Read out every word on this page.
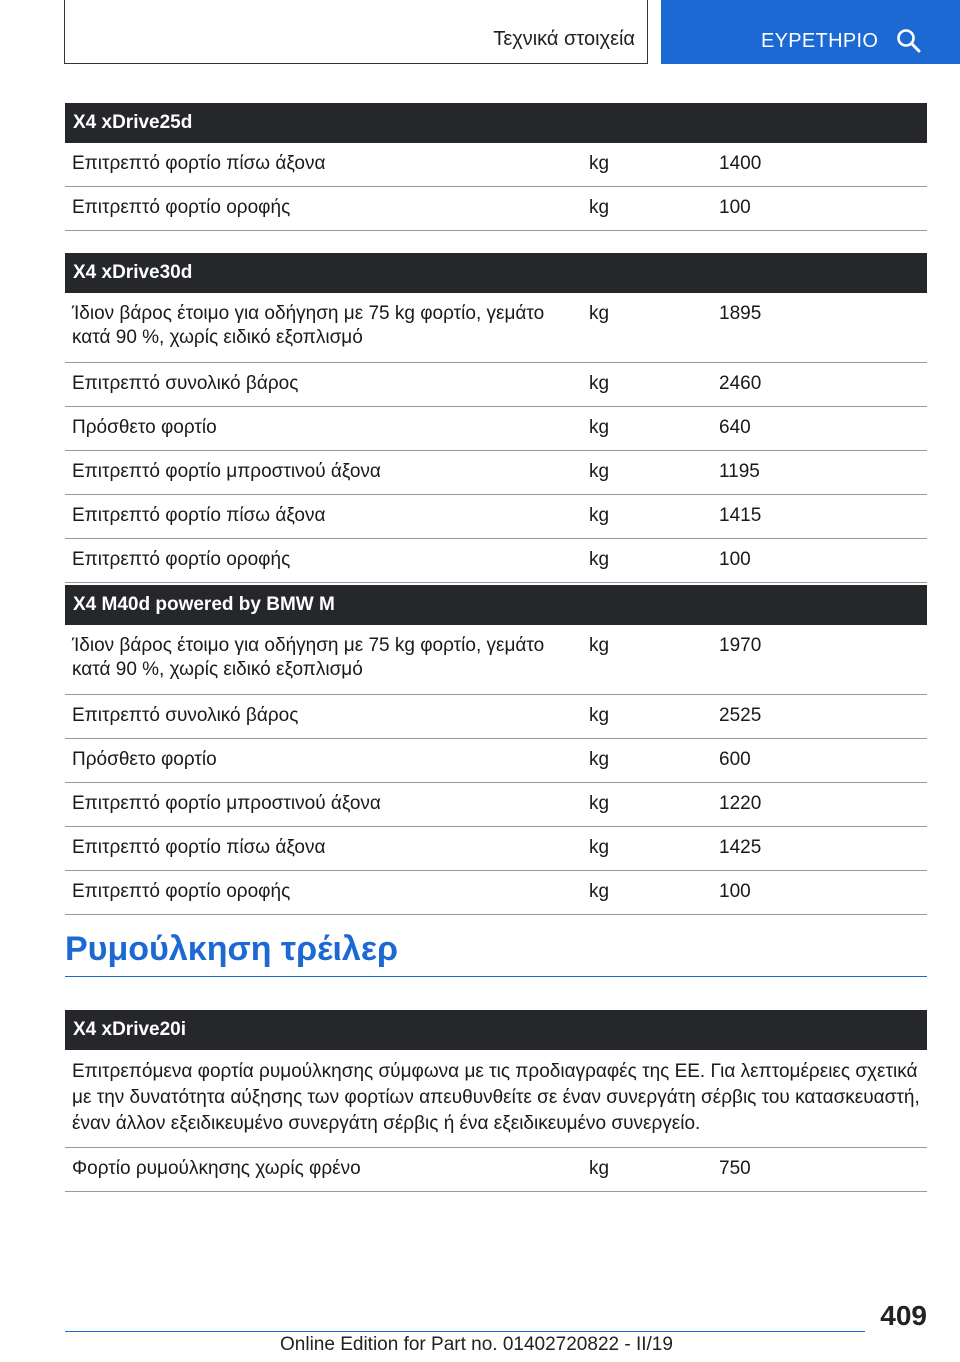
Τεχνικά στοιχεία	ΕΥΡΕΤΗΡΙΟ
X4 xDrive25d
Επιτρεπτό φορτίο πίσω άξονα	kg	1400
Επιτρεπτό φορτίο οροφής	kg	100
X4 xDrive30d
Ίδιον βάρος έτοιμο για οδήγηση με 75 kg φορτίο, γεμάτο κατά 90 %, χωρίς ειδικό εξοπλισμό
kg	1895
Επιτρεπτό συνολικό βάρος	kg	2460
Πρόσθετο φορτίο	kg	640
Επιτρεπτό φορτίο μπροστινού άξονα	kg	1195
Επιτρεπτό φορτίο πίσω άξονα	kg	1415
Επιτρεπτό φορτίο οροφής	kg	100
X4 M40d powered by BMW M
Ίδιον βάρος έτοιμο για οδήγηση με 75 kg φορτίο, γεμάτο κατά 90 %, χωρίς ειδικό εξοπλισμό
kg	1970
Επιτρεπτό συνολικό βάρος	kg	2525
Πρόσθετο φορτίο	kg	600
Επιτρεπτό φορτίο μπροστινού άξονα	kg	1220
Επιτρεπτό φορτίο πίσω άξονα	kg	1425
Επιτρεπτό φορτίο οροφής	kg	100
Ρυμούλκηση τρέιλερ
X4 xDrive20i
Επιτρεπόμενα φορτία ρυμούλκησης σύμφωνα με τις προδιαγραφές της ΕΕ. Για λεπτομέρειες σχετικά με την δυνατότητα αύξησης των φορτίων απευθυνθείτε σε έναν συνεργάτη σέρβις του κατασκευαστή, έναν άλλον εξειδικευμένο συνεργάτη σέρβις ή ένα εξειδικευμένο συνεργείο.
Φορτίο ρυμούλκησης χωρίς φρένο	kg	750
409
Online Edition for Part no. 01402720822 - II/19
